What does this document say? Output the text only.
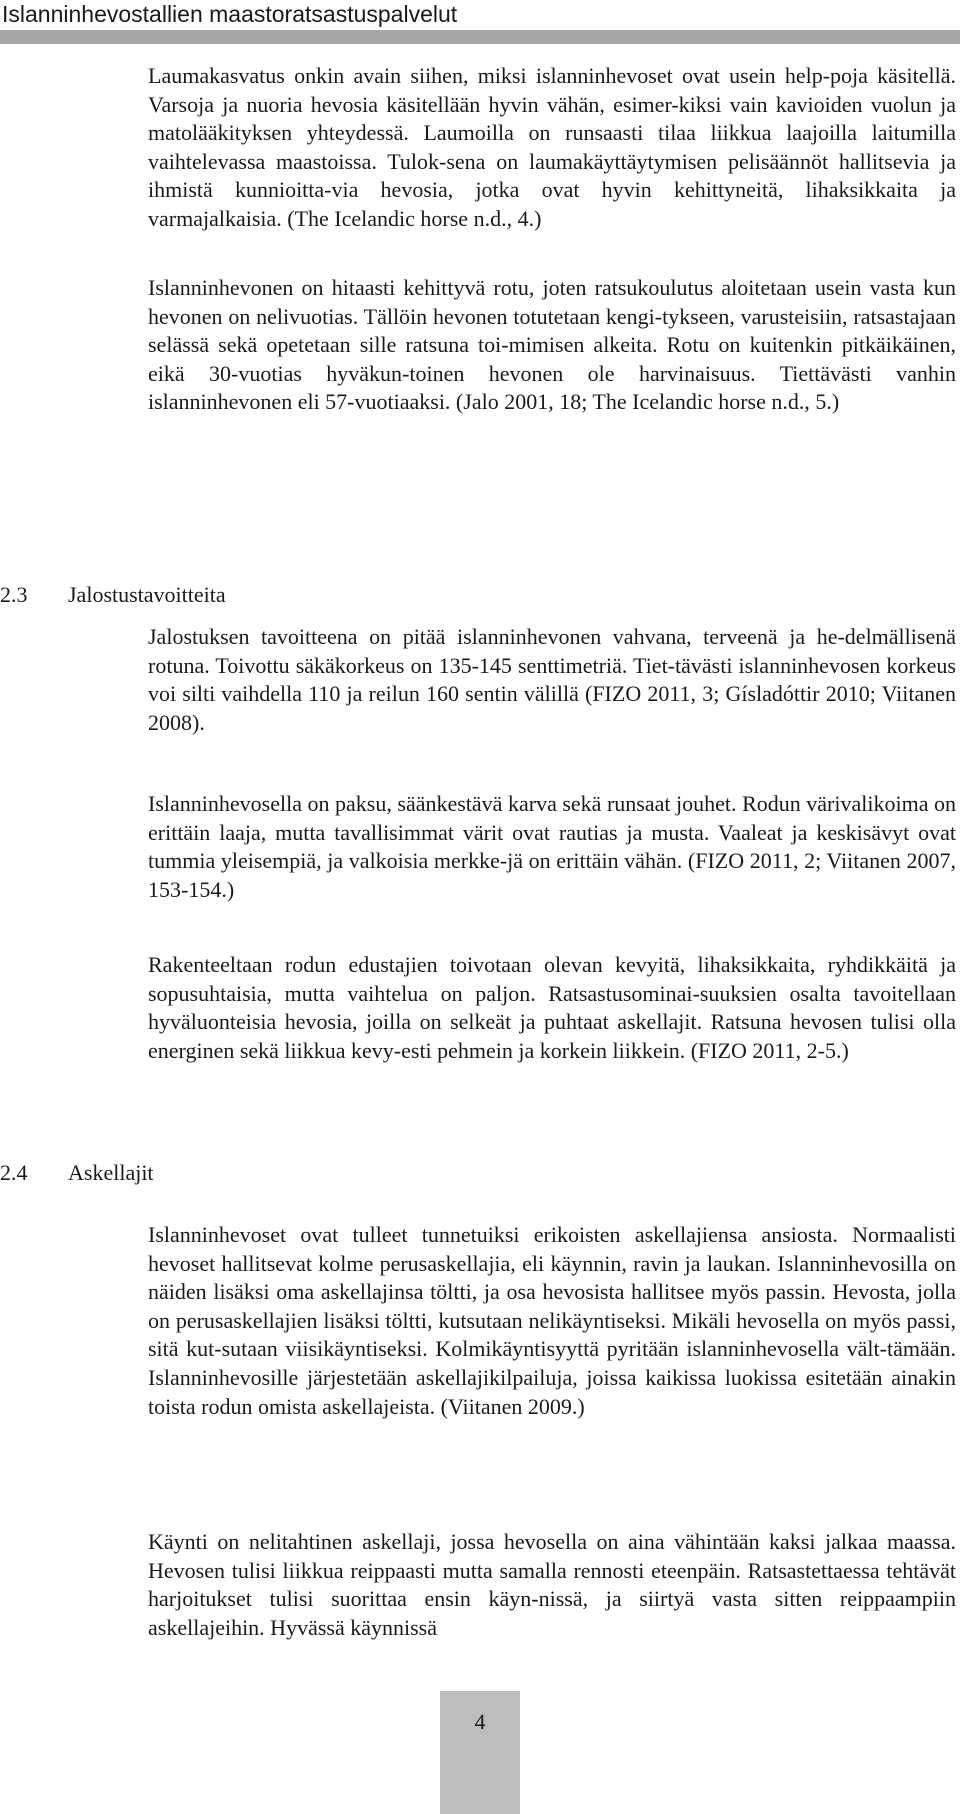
Islanninhevostallien maastoratsastuspalvelut

Laumakasvatus onkin avain siihen, miksi islanninhevoset ovat usein help-poja käsitellä. Varsoja ja nuoria hevosia käsitellään hyvin vähän, esimer-kiksi vain kavioiden vuolun ja matolääkityksen yhteydessä. Laumoilla on runsaasti tilaa liikkua laajoilla laitumilla vaihtelevassa maastoissa. Tulok-sena on laumakäyttäytymisen pelisäännöt hallitsevia ja ihmistä kunnioitta-via hevosia, jotka ovat hyvin kehittyneitä, lihaksikkaita ja varmajalkaisia. (The Icelandic horse n.d., 4.)

Islanninhevonen on hitaasti kehittyvä rotu, joten ratsukoulutus aloitetaan usein vasta kun hevonen on nelivuotias. Tällöin hevonen totutetaan kengi-tykseen, varusteisiin, ratsastajaan selässä sekä opetetaan sille ratsuna toi-mimisen alkeita. Rotu on kuitenkin pitkäikäinen, eikä 30-vuotias hyväkun-toinen hevonen ole harvinaisuus. Tiettävästi vanhin islanninhevonen eli 57-vuotiaaksi. (Jalo 2001, 18; The Icelandic horse n.d., 5.)

2.3 Jalostustavoitteita

Jalostuksen tavoitteena on pitää islanninhevonen vahvana, terveenä ja he-delmällisenä rotuna. Toivottu säkäkorkeus on 135-145 senttimetriä. Tiet-tävästi islanninhevosen korkeus voi silti vaihdella 110 ja reilun 160 sentin välillä (FIZO 2011, 3; Gísladóttir 2010; Viitanen 2008).

Islanninhevosella on paksu, säänkestävä karva sekä runsaat jouhet. Rodun värivalikoima on erittäin laaja, mutta tavallisimmat värit ovat rautias ja musta. Vaaleat ja keskisävyt ovat tummia yleisempiä, ja valkoisia merkke-jä on erittäin vähän. (FIZO 2011, 2; Viitanen 2007, 153-154.)

Rakenteeltaan rodun edustajien toivotaan olevan kevyitä, lihaksikkaita, ryhdikkäitä ja sopusuhtaisia, mutta vaihtelua on paljon. Ratsastusominai-suuksien osalta tavoitellaan hyväluonteisia hevosia, joilla on selkeät ja puhtaat askellajit. Ratsuna hevosen tulisi olla energinen sekä liikkua kevy-esti pehmein ja korkein liikkein. (FIZO 2011, 2-5.)

2.4 Askellajit

Islanninhevoset ovat tulleet tunnetuiksi erikoisten askellajiensa ansiosta. Normaalisti hevoset hallitsevat kolme perusaskellajia, eli käynnin, ravin ja laukan. Islanninhevosilla on näiden lisäksi oma askellajinsa töltti, ja osa hevosista hallitsee myös passin. Hevosta, jolla on perusaskellajien lisäksi töltti, kutsutaan nelikäyntiseksi. Mikäli hevosella on myös passi, sitä kut-sutaan viisikäyntiseksi. Kolmikäyntisyyttä pyritään islanninhevosella vält-tämään. Islanninhevosille järjestetään askellajikilpailuja, joissa kaikissa luokissa esitetään ainakin toista rodun omista askellajeista. (Viitanen 2009.)

Käynti on nelitahtinen askellaji, jossa hevosella on aina vähintään kaksi jalkaa maassa. Hevosen tulisi liikkua reippaasti mutta samalla rennosti eteenpäin. Ratsastettaessa tehtävät harjoitukset tulisi suorittaa ensin käyn-nissä, ja siirtyä vasta sitten reippaampiin askellajeihin. Hyvässä käynnissä

4
